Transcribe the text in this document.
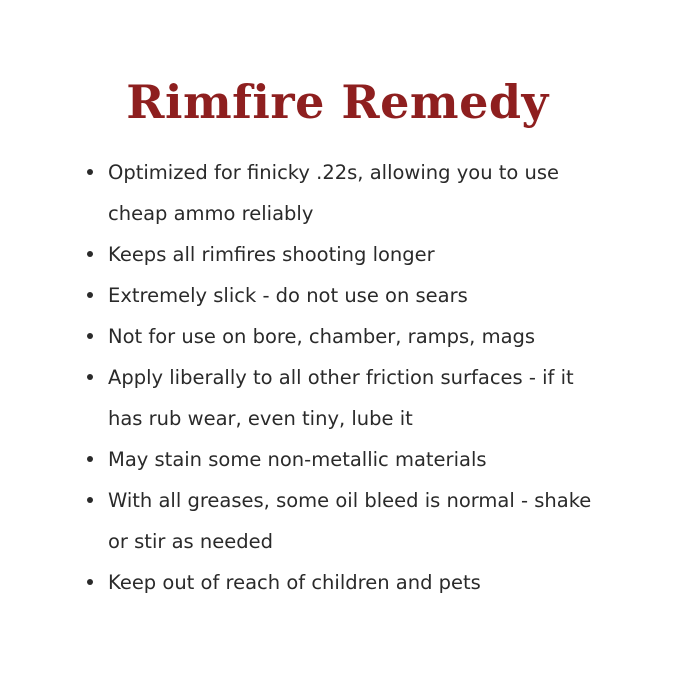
Rimfire Remedy
Optimized for finicky .22s, allowing you to use cheap ammo reliably
Keeps all rimfires shooting longer
Extremely slick - do not use on sears
Not for use on bore, chamber, ramps, mags
Apply liberally to all other friction surfaces - if it has rub wear, even tiny, lube it
May stain some non-metallic materials
With all greases, some oil bleed is normal - shake or stir as needed
Keep out of reach of children and pets
